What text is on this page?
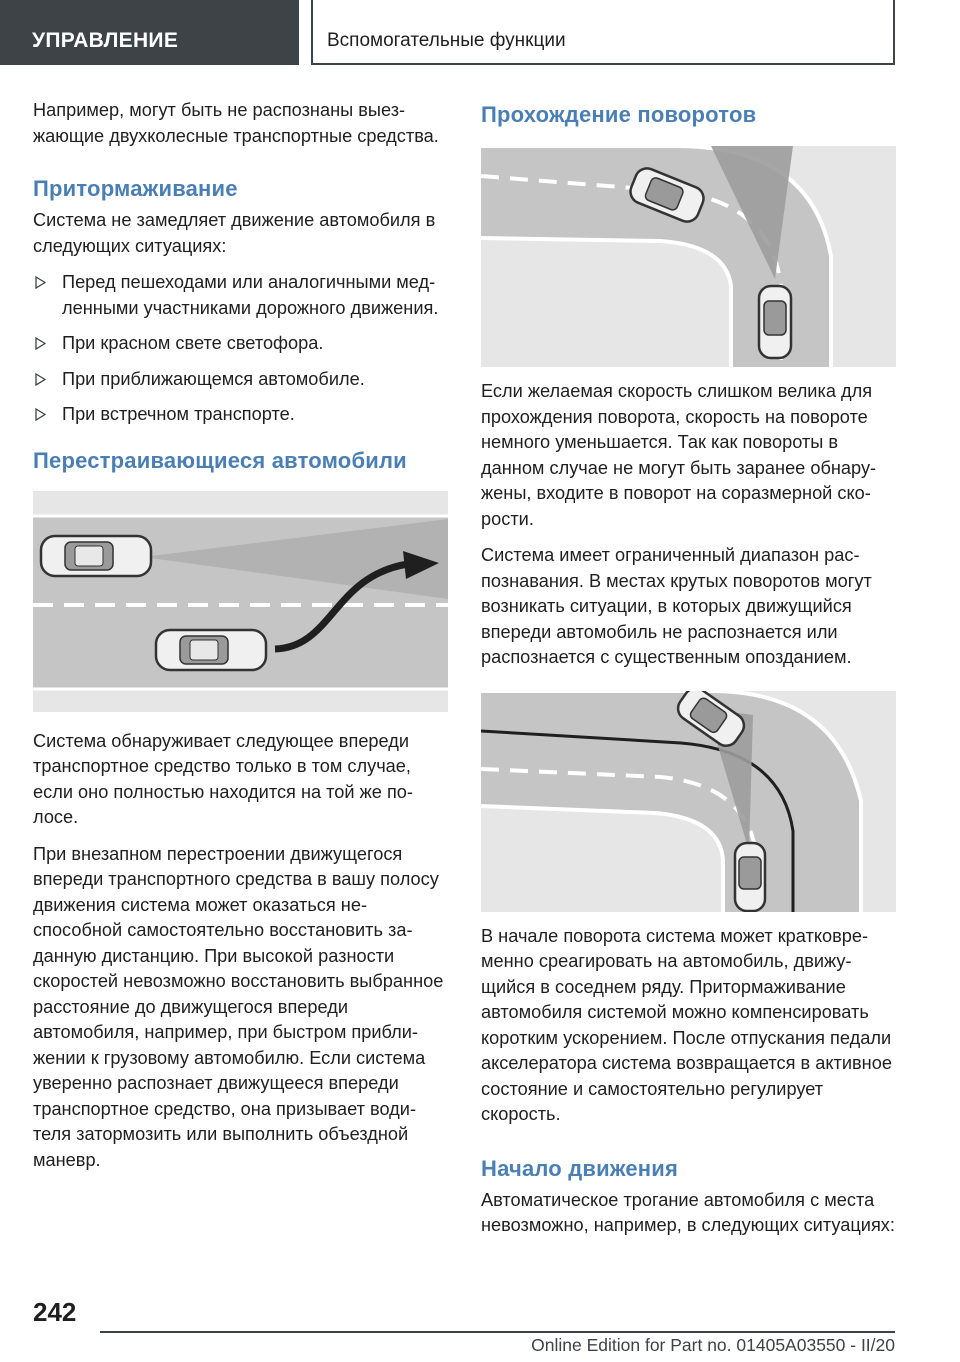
УПРАВЛЕНИЕ	Вспомогательные функции

Например, могут быть не распознаны выезжающие двухколесные транспортные средства.

Притормаживание

Система не замедляет движение автомобиля в следующих ситуациях:

Перед пешеходами или аналогичными медленными участниками дорожного движения.
При красном свете светофора.
При приближающемся автомобиле.
При встречном транспорте.
Перестраивающиеся автомобили

Система обнаруживает следующее впереди транспортное средство только в том случае, если оно полностью находится на той же полосе.

При внезапном перестроении движущегося впереди транспортного средства в вашу полосу движения система может оказаться неспособной самостоятельно восстановить заданную дистанцию. При высокой разности скоростей невозможно восстановить выбранное расстояние до движущегося впереди автомобиля, например, при быстром приближении к грузовому автомобилю. Если система уверенно распознает движущееся впереди транспортное средство, она призывает водителя затормозить или выполнить объездной маневр.

Прохождение поворотов

Если желаемая скорость слишком велика для прохождения поворота, скорость на повороте немного уменьшается. Так как повороты в данном случае не могут быть заранее обнаружены, входите в поворот на соразмерной скорости.

Система имеет ограниченный диапазон распознавания. В местах крутых поворотов могут возникать ситуации, в которых движущийся впереди автомобиль не распознается или распознается с существенным опозданием.

В начале поворота система может кратковременно среагировать на автомобиль, движущийся в соседнем ряду. Притормаживание автомобиля системой можно компенсировать коротким ускорением. После отпускания педали акселератора система возвращается в активное состояние и самостоятельно регулирует скорость.

Начало движения

Автоматическое трогание автомобиля с места невозможно, например, в следующих ситуациях:

242
Online Edition for Part no. 01405A03550 - II/20
